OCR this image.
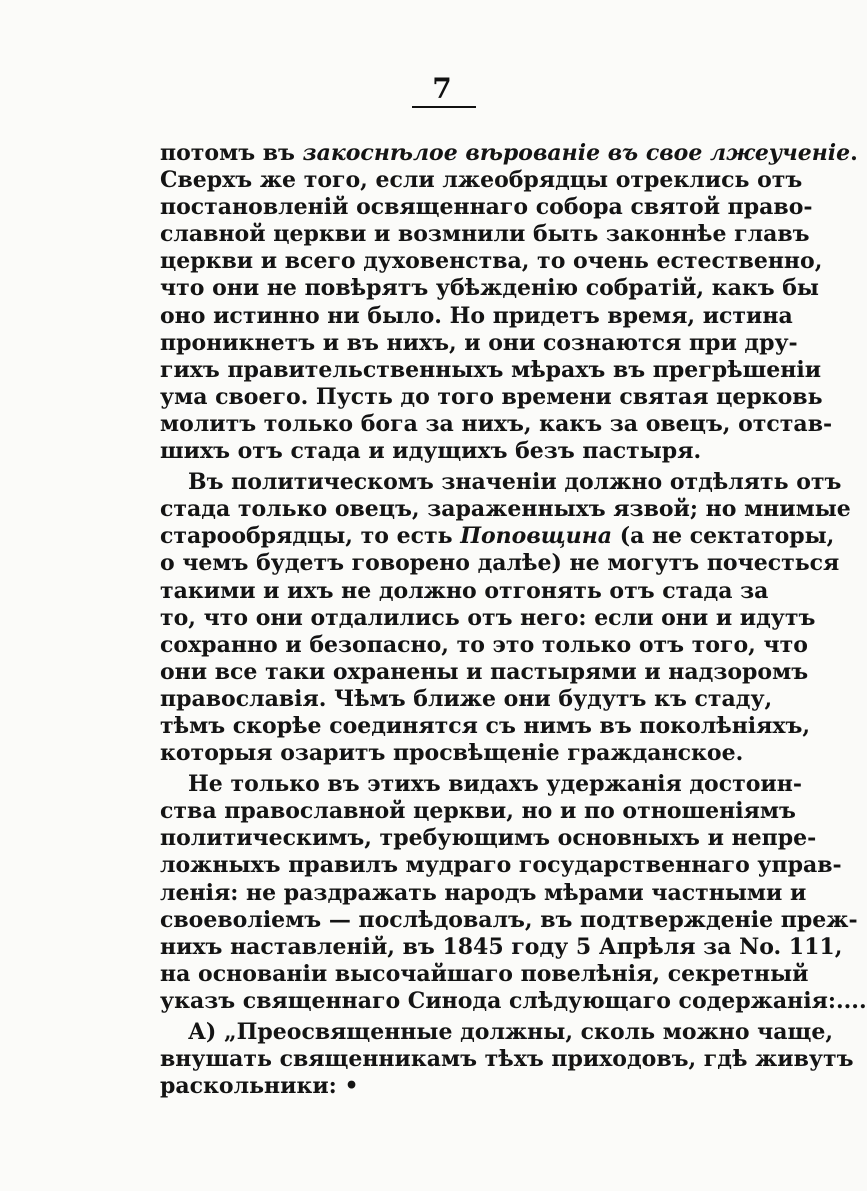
7
потомъ въ закоснѣлое вѣрованіе въ свое лжеученіе.
Сверхъ же того, если лжеобрядцы отреклись отъ
постановленій освященнаго собора святой право-
славной церкви и возмнили быть законнѣе главъ
церкви и всего духовенства, то очень естественно,
что они не повѣрятъ убѣжденію собратій, какъ бы
оно истинно ни было. Но придетъ время, истина
проникнетъ и въ нихъ, и они сознаются при дру-
гихъ правительственныхъ мѣрахъ въ прегрѣшеніи
ума своего. Пусть до того времени святая церковь
молитъ только бога за нихъ, какъ за овецъ, отстав-
шихъ отъ стада и идущихъ безъ пастыря.
Въ политическомъ значеніи должно отдѣлять отъ
стада только овецъ, зараженныхъ язвой; но мнимые
старообрядцы, то есть Поповщина (а не сектаторы,
о чемъ будетъ говорено далѣе) не могутъ почесться
такими и ихъ не должно отгонять отъ стада за
то, что они отдалились отъ него: если они и идутъ
сохранно и безопасно, то это только отъ того, что
они все таки охранены и пастырями и надзоромъ
православія. Чѣмъ ближе они будутъ къ стаду,
тѣмъ скорѣе соединятся съ нимъ въ поколѣніяхъ,
которыя озаритъ просвѣщеніе гражданское.
Не только въ этихъ видахъ удержанія достоин-
ства православной церкви, но и по отношеніямъ
политическимъ, требующимъ основныхъ и непре-
ложныхъ правилъ мудраго государственнаго управ-
ленія: не раздражать народъ мѣрами частными и
своеволіемъ — послѣдовалъ, въ подтвержденіе преж-
нихъ наставленій, въ 1845 году 5 Апрѣля за No. 111,
на основаніи высочайшаго повелѣнія, секретный
указъ священнаго Синода слѣдующаго содержанія:....
А) „Преосвященные должны, сколь можно чаще,
внушать священникамъ тѣхъ приходовъ, гдѣ живутъ
раскольники: •
